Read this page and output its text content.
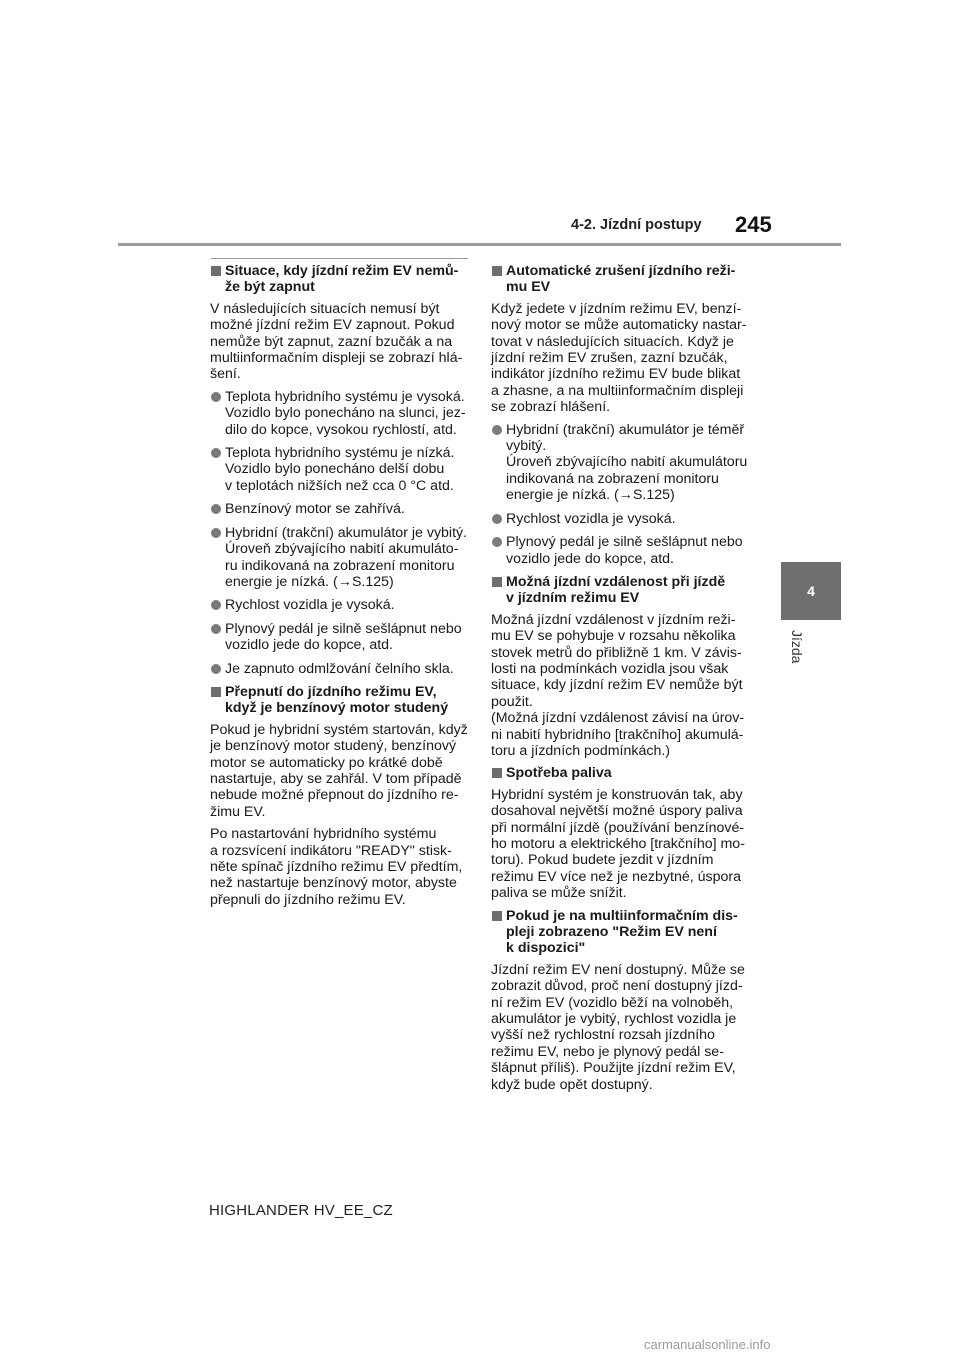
4-2. Jízdní postupy 245
4
Jízda
Situace, kdy jízdní režim EV nemů-
že být zapnut
V následujících situacích nemusí být
možné jízdní režim EV zapnout. Pokud
nemůže být zapnut, zazní bzučák a na
multiinformačním displeji se zobrazí hlá-
šení.
Teplota hybridního systému je vysoká.
Vozidlo bylo ponecháno na slunci, jez-
dilo do kopce, vysokou rychlostí, atd.
Teplota hybridního systému je nízká.
Vozidlo bylo ponecháno delší dobu
v teplotách nižších než cca 0 °C atd.
Benzínový motor se zahřívá.
Hybridní (trakční) akumulátor je vybitý.
Úroveň zbývajícího nabití akumuláto-
ru indikovaná na zobrazení monitoru
energie je nízká. (→S.125)
Rychlost vozidla je vysoká.
Plynový pedál je silně sešlápnut nebo
vozidlo jede do kopce, atd.
Je zapnuto odmlžování čelního skla.
Přepnutí do jízdního režimu EV,
když je benzínový motor studený
Pokud je hybridní systém startován, když
je benzínový motor studený, benzínový
motor se automaticky po krátké době
nastartuje, aby se zahřál. V tom případě
nebude možné přepnout do jízdního re-
žimu EV.
Po nastartování hybridního systému
a rozsvícení indikátoru "READY" stisk-
něte spínač jízdního režimu EV předtím,
než nastartuje benzínový motor, abyste
přepnuli do jízdního režimu EV.
Automatické zrušení jízdního reži-
mu EV
Když jedete v jízdním režimu EV, benzí-
nový motor se může automaticky nastar-
tovat v následujících situacích. Když je
jízdní režim EV zrušen, zazní bzučák,
indikátor jízdního režimu EV bude blikat
a zhasne, a na multiinformačním displeji
se zobrazí hlášení.
Hybridní (trakční) akumulátor je téměř
vybitý.
Úroveň zbývajícího nabití akumulátoru
indikovaná na zobrazení monitoru
energie je nízká. (→S.125)
Rychlost vozidla je vysoká.
Plynový pedál je silně sešlápnut nebo
vozidlo jede do kopce, atd.
Možná jízdní vzdálenost při jízdě
v jízdním režimu EV
Možná jízdní vzdálenost v jízdním reži-
mu EV se pohybuje v rozsahu několika
stovek metrů do přibližně 1 km. V závis-
losti na podmínkách vozidla jsou však
situace, kdy jízdní režim EV nemůže být
použit.
(Možná jízdní vzdálenost závisí na úrov-
ni nabití hybridního [trakčního] akumulá-
toru a jízdních podmínkách.)
Spotřeba paliva
Hybridní systém je konstruován tak, aby
dosahoval největší možné úspory paliva
při normální jízdě (používání benzínové-
ho motoru a elektrického [trakčního] mo-
toru). Pokud budete jezdit v jízdním
režimu EV více než je nezbytné, úspora
paliva se může snížit.
Pokud je na multiinformačním dis-
pleji zobrazeno "Režim EV není
k dispozici"
Jízdní režim EV není dostupný. Může se
zobrazit důvod, proč není dostupný jízd-
ní režim EV (vozidlo běží na volnoběh,
akumulátor je vybitý, rychlost vozidla je
vyšší než rychlostní rozsah jízdního
režimu EV, nebo je plynový pedál se-
šlápnut příliš). Použijte jízdní režim EV,
když bude opět dostupný.
HIGHLANDER HV_EE_CZ
carmanualsonline.info
